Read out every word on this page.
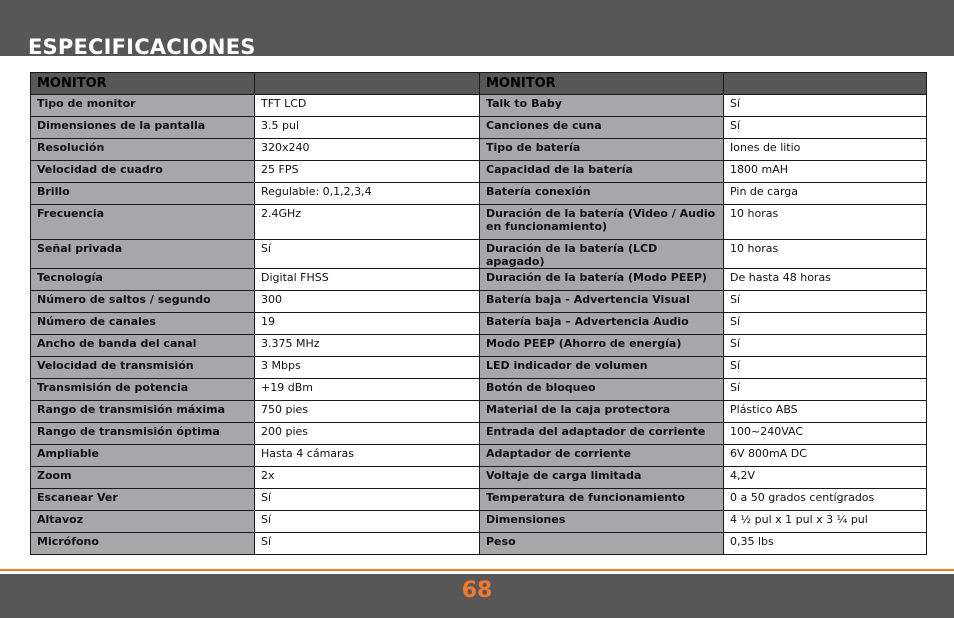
ESPECIFICACIONES
MONITOR		MONITOR	
Tipo de monitor	TFT LCD	Talk to Baby	Sí
Dimensiones de la pantalla	3.5 pul	Canciones de cuna	Sí
Resolución	320x240	Tipo de batería	Iones de litio
Velocidad de cuadro	25 FPS	Capacidad de la batería	1800 mAH
Brillo	Regulable: 0,1,2,3,4	Batería conexión	Pin de carga
Frecuencia	2.4GHz	Duración de la batería (Video / Audio en funcionamiento)	10 horas
Señal privada	Sí	Duración de la batería (LCD apagado)	10 horas
Tecnología	Digital FHSS	Duración de la batería (Modo PEEP)	De hasta 48 horas
Número de saltos / segundo	300	Batería baja - Advertencia Visual	Sí
Número de canales	19	Batería baja – Advertencia Audio	Sí
Ancho de banda del canal	3.375 MHz	Modo PEEP (Ahorro de energía)	Sí
Velocidad de transmisión	3 Mbps	LED indicador de volumen	Sí
Transmisión de potencia	+19 dBm	Botón de bloqueo	Sí
Rango de transmisión máxima	750 pies	Material de la caja protectora	Plástico ABS
Rango de transmisión óptima	200 pies	Entrada del adaptador de corriente	100~240VAC
Ampliable	Hasta 4 cámaras	Adaptador de corriente	6V 800mA DC
Zoom	2x	Voltaje de carga limitada	4,2V
Escanear Ver	Sí	Temperatura de funcionamiento	0 a 50 grados centígrados
Altavoz	Sí	Dimensiones	4 ½ pul x 1 pul x 3 ¼ pul
Micrófono	Sí	Peso	0,35 lbs
68
